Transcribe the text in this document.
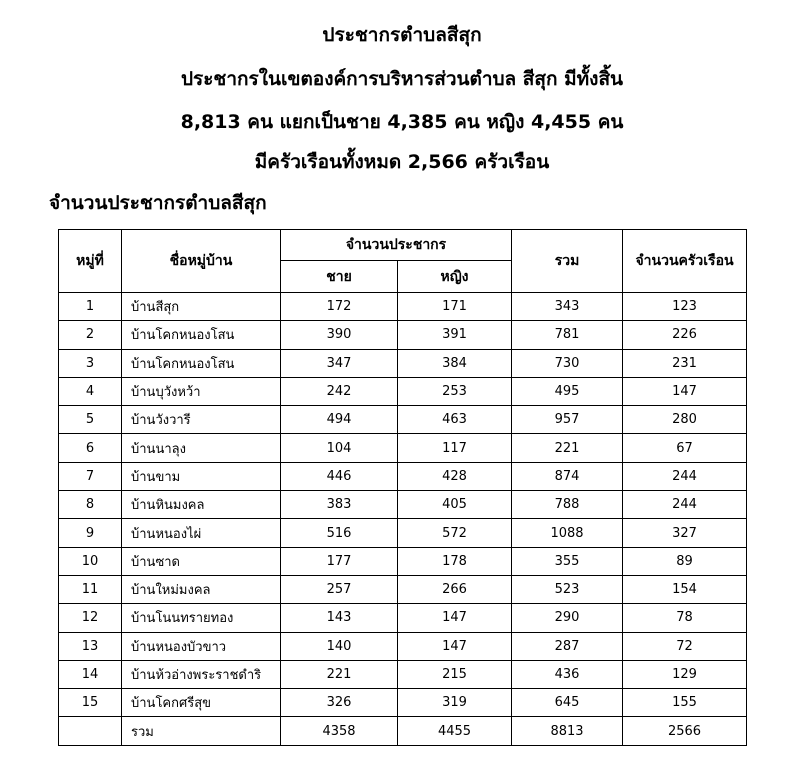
ประชากรตำบลสีสุก
ประชากรในเขตองค์การบริหารส่วนตำบล สีสุก มีทั้งสิ้น
8,813 คน แยกเป็นชาย 4,385 คน หญิง 4,455 คน
มีครัวเรือนทั้งหมด 2,566 ครัวเรือน
จำนวนประชากรตำบลสีสุก
หมู่ที่	ชื่อหมู่บ้าน	จำนวนประชากร		รวม	จำนวนครัวเรือน
		ชาย	หญิง		
1	บ้านสีสุก	172	171	343	123
2	บ้านโคกหนองโสน	390	391	781	226
3	บ้านโคกหนองโสน	347	384	730	231
4	บ้านบุวังหว้า	242	253	495	147
5	บ้านวังวารี	494	463	957	280
6	บ้านนาลุง	104	117	221	67
7	บ้านขาม	446	428	874	244
8	บ้านหินมงคล	383	405	788	244
9	บ้านหนองไผ่	516	572	1088	327
10	บ้านซาด	177	178	355	89
11	บ้านใหม่มงคล	257	266	523	154
12	บ้านโนนทรายทอง	143	147	290	78
13	บ้านหนองบัวขาว	140	147	287	72
14	บ้านห้วอ่างพระราชดำริ	221	215	436	129
15	บ้านโคกศรีสุข	326	319	645	155
	รวม	4358	4455	8813	2566
